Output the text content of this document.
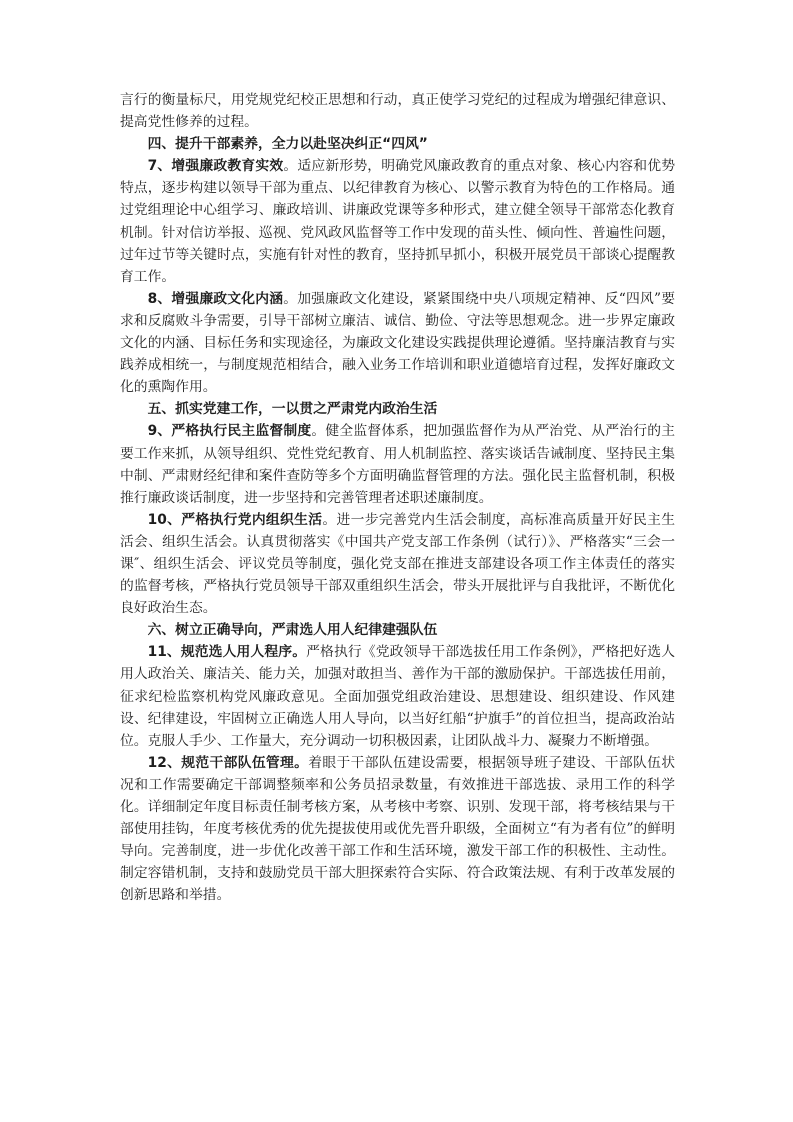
言行的衡量标尺，用党规党纪校正思想和行动，真正使学习党纪的过程成为增强纪律意识、提高党性修养的过程。

四、提升干部素养，全力以赴坚决纠正“四风”

7、增强廉政教育实效。适应新形势，明确党风廉政教育的重点对象、核心内容和优势特点，逐步构建以领导干部为重点、以纪律教育为核心、以警示教育为特色的工作格局。通过党组理论中心组学习、廉政培训、讲廉政党课等多种形式，建立健全领导干部常态化教育机制。针对信访举报、巡视、党风政风监督等工作中发现的苗头性、倾向性、普遍性问题，过年过节等关键时点，实施有针对性的教育，坚持抓早抓小，积极开展党员干部谈心提醒教育工作。

8、增强廉政文化内涵。加强廉政文化建设，紧紧围绕中央八项规定精神、反“四风”要求和反腐败斗争需要，引导干部树立廉洁、诚信、勤俭、守法等思想观念。进一步界定廉政文化的内涵、目标任务和实现途径，为廉政文化建设实践提供理论遵循。坚持廉洁教育与实践养成相统一，与制度规范相结合，融入业务工作培训和职业道德培育过程，发挥好廉政文化的熏陶作用。

五、抓实党建工作，一以贯之严肃党内政治生活

9、严格执行民主监督制度。健全监督体系，把加强监督作为从严治党、从严治行的主要工作来抓，从领导组织、党性党纪教育、用人机制监控、落实谈话告诫制度、坚持民主集中制、严肃财经纪律和案件查防等多个方面明确监督管理的方法。强化民主监督机制，积极推行廉政谈话制度，进一步坚持和完善管理者述职述廉制度。

10、严格执行党内组织生活。进一步完善党内生活会制度，高标准高质量开好民主生活会、组织生活会。认真贯彻落实《中国共产党支部工作条例（试行）》、严格落实“三会一课″、组织生活会、评议党员等制度，强化党支部在推进支部建设各项工作主体责任的落实的监督考核，严格执行党员领导干部双重组织生活会，带头开展批评与自我批评，不断优化良好政治生态。

六、树立正确导向，严肃选人用人纪律建强队伍

11、规范选人用人程序。严格执行《党政领导干部选拔任用工作条例》，严格把好选人用人政治关、廉洁关、能力关，加强对敢担当、善作为干部的激励保护。干部选拔任用前，征求纪检监察机构党风廉政意见。全面加强党组政治建设、思想建设、组织建设、作风建设、纪律建设，牢固树立正确选人用人导向，以当好红船“护旗手”的首位担当，提高政治站位。克服人手少、工作量大，充分调动一切积极因素，让团队战斗力、凝聚力不断增强。

12、规范干部队伍管理。着眼于干部队伍建设需要，根据领导班子建设、干部队伍状况和工作需要确定干部调整频率和公务员招录数量，有效推进干部选拔、录用工作的科学化。详细制定年度目标责任制考核方案，从考核中考察、识别、发现干部，将考核结果与干部使用挂钩，年度考核优秀的优先提拔使用或优先晋升职级，全面树立“有为者有位”的鲜明导向。完善制度，进一步优化改善干部工作和生活环境，激发干部工作的积极性、主动性。制定容错机制，支持和鼓励党员干部大胆探索符合实际、符合政策法规、有利于改革发展的创新思路和举措。
